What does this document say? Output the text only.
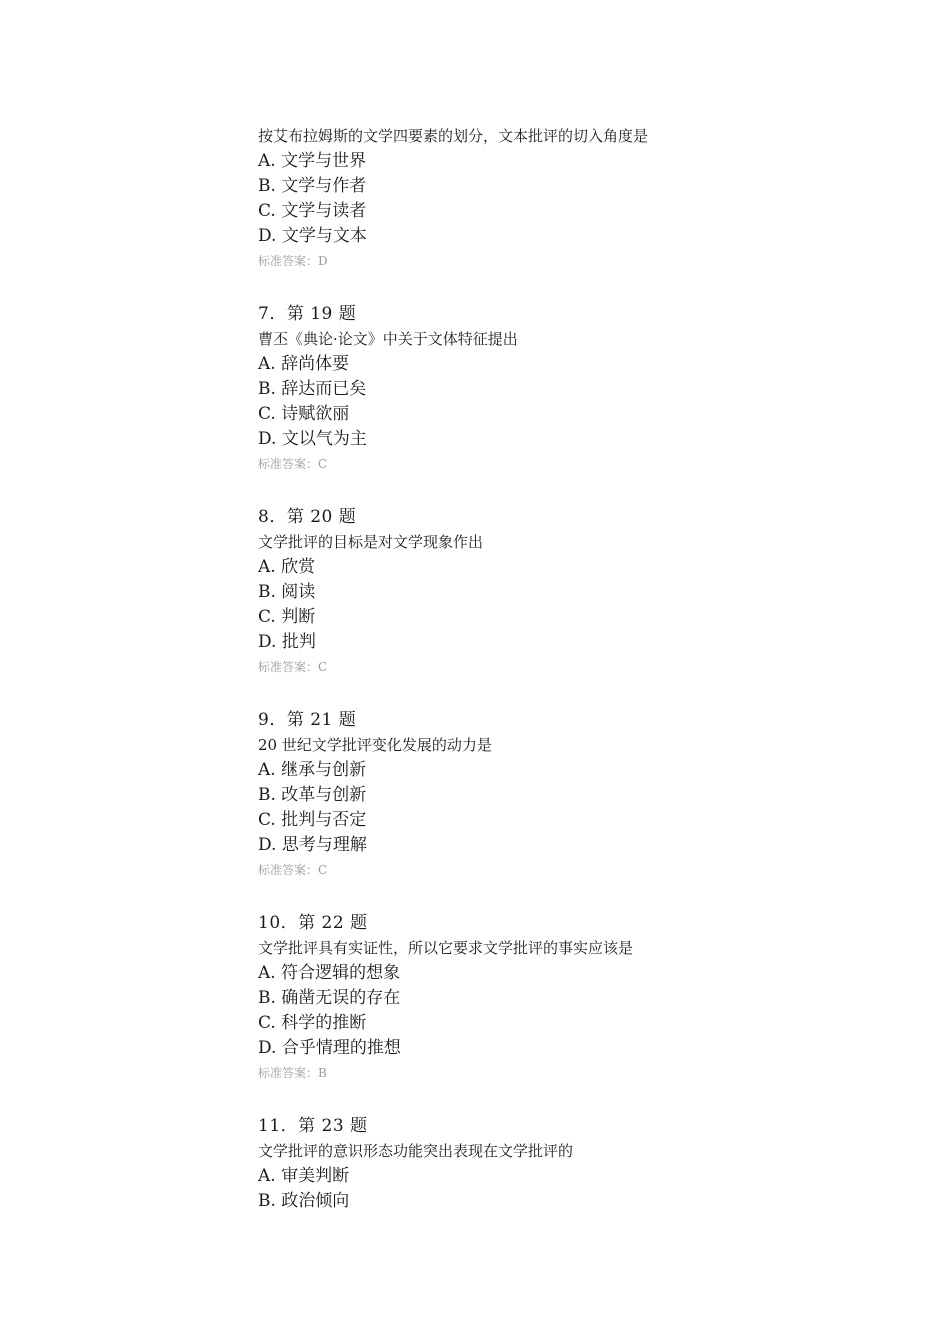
按艾布拉姆斯的文学四要素的划分，文本批评的切入角度是
A. 文学与世界
B. 文学与作者
C. 文学与读者
D. 文学与文本
标准答案：D
7．第 19 题
曹丕《典论·论文》中关于文体特征提出
A. 辞尚体要
B. 辞达而已矣
C. 诗赋欲丽
D. 文以气为主
标准答案：C
8．第 20 题
文学批评的目标是对文学现象作出
A. 欣赏
B. 阅读
C. 判断
D. 批判
标准答案：C
9．第 21 题
20 世纪文学批评变化发展的动力是
A. 继承与创新
B. 改革与创新
C. 批判与否定
D. 思考与理解
标准答案：C
10．第 22 题
文学批评具有实证性，所以它要求文学批评的事实应该是
A. 符合逻辑的想象
B. 确凿无误的存在
C. 科学的推断
D. 合乎情理的推想
标准答案：B
11．第 23 题
文学批评的意识形态功能突出表现在文学批评的
A. 审美判断
B. 政治倾向
